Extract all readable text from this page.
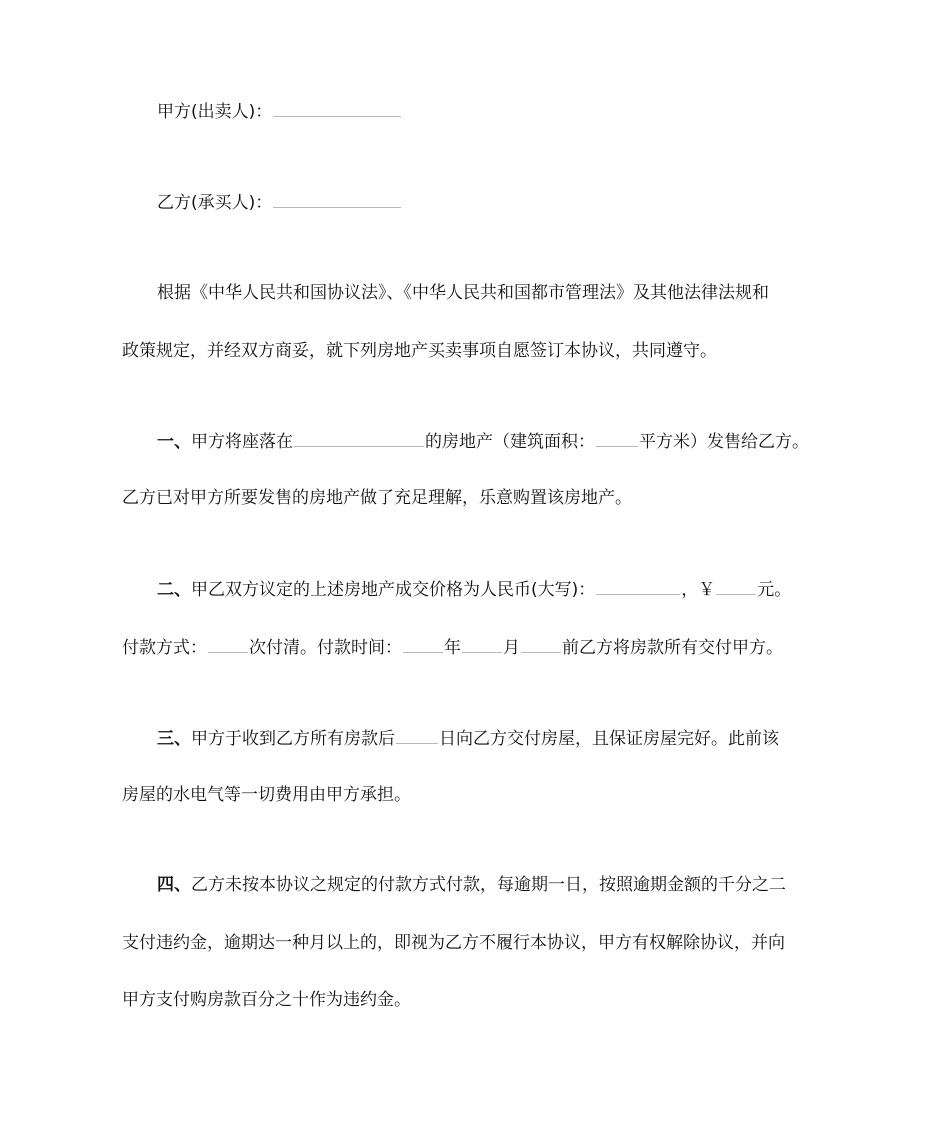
甲方(出卖人)：
乙方(承买人)：
根据《中华人民共和国协议法》、《中华人民共和国都市管理法》及其他法律法规和
政策规定，并经双方商妥，就下列房地产买卖事项自愿签订本协议，共同遵守。
一、甲方将座落在	的房地产（建筑面积：	平方米）发售给乙方。
乙方已对甲方所要发售的房地产做了充足理解，乐意购置该房地产。
二、甲乙双方议定的上述房地产成交价格为人民币(大写)：	，￥ 元。
付款方式： 次付清。付款时间： 年 月 前乙方将房款所有交付甲方。
三、甲方于收到乙方所有房款后	日向乙方交付房屋，且保证房屋完好。此前该
房屋的水电气等一切费用由甲方承担。
四、乙方未按本协议之规定的付款方式付款，每逾期一日，按照逾期金额的千分之二
支付违约金，逾期达一种月以上的，即视为乙方不履行本协议，甲方有权解除协议，并向
甲方支付购房款百分之十作为违约金。
